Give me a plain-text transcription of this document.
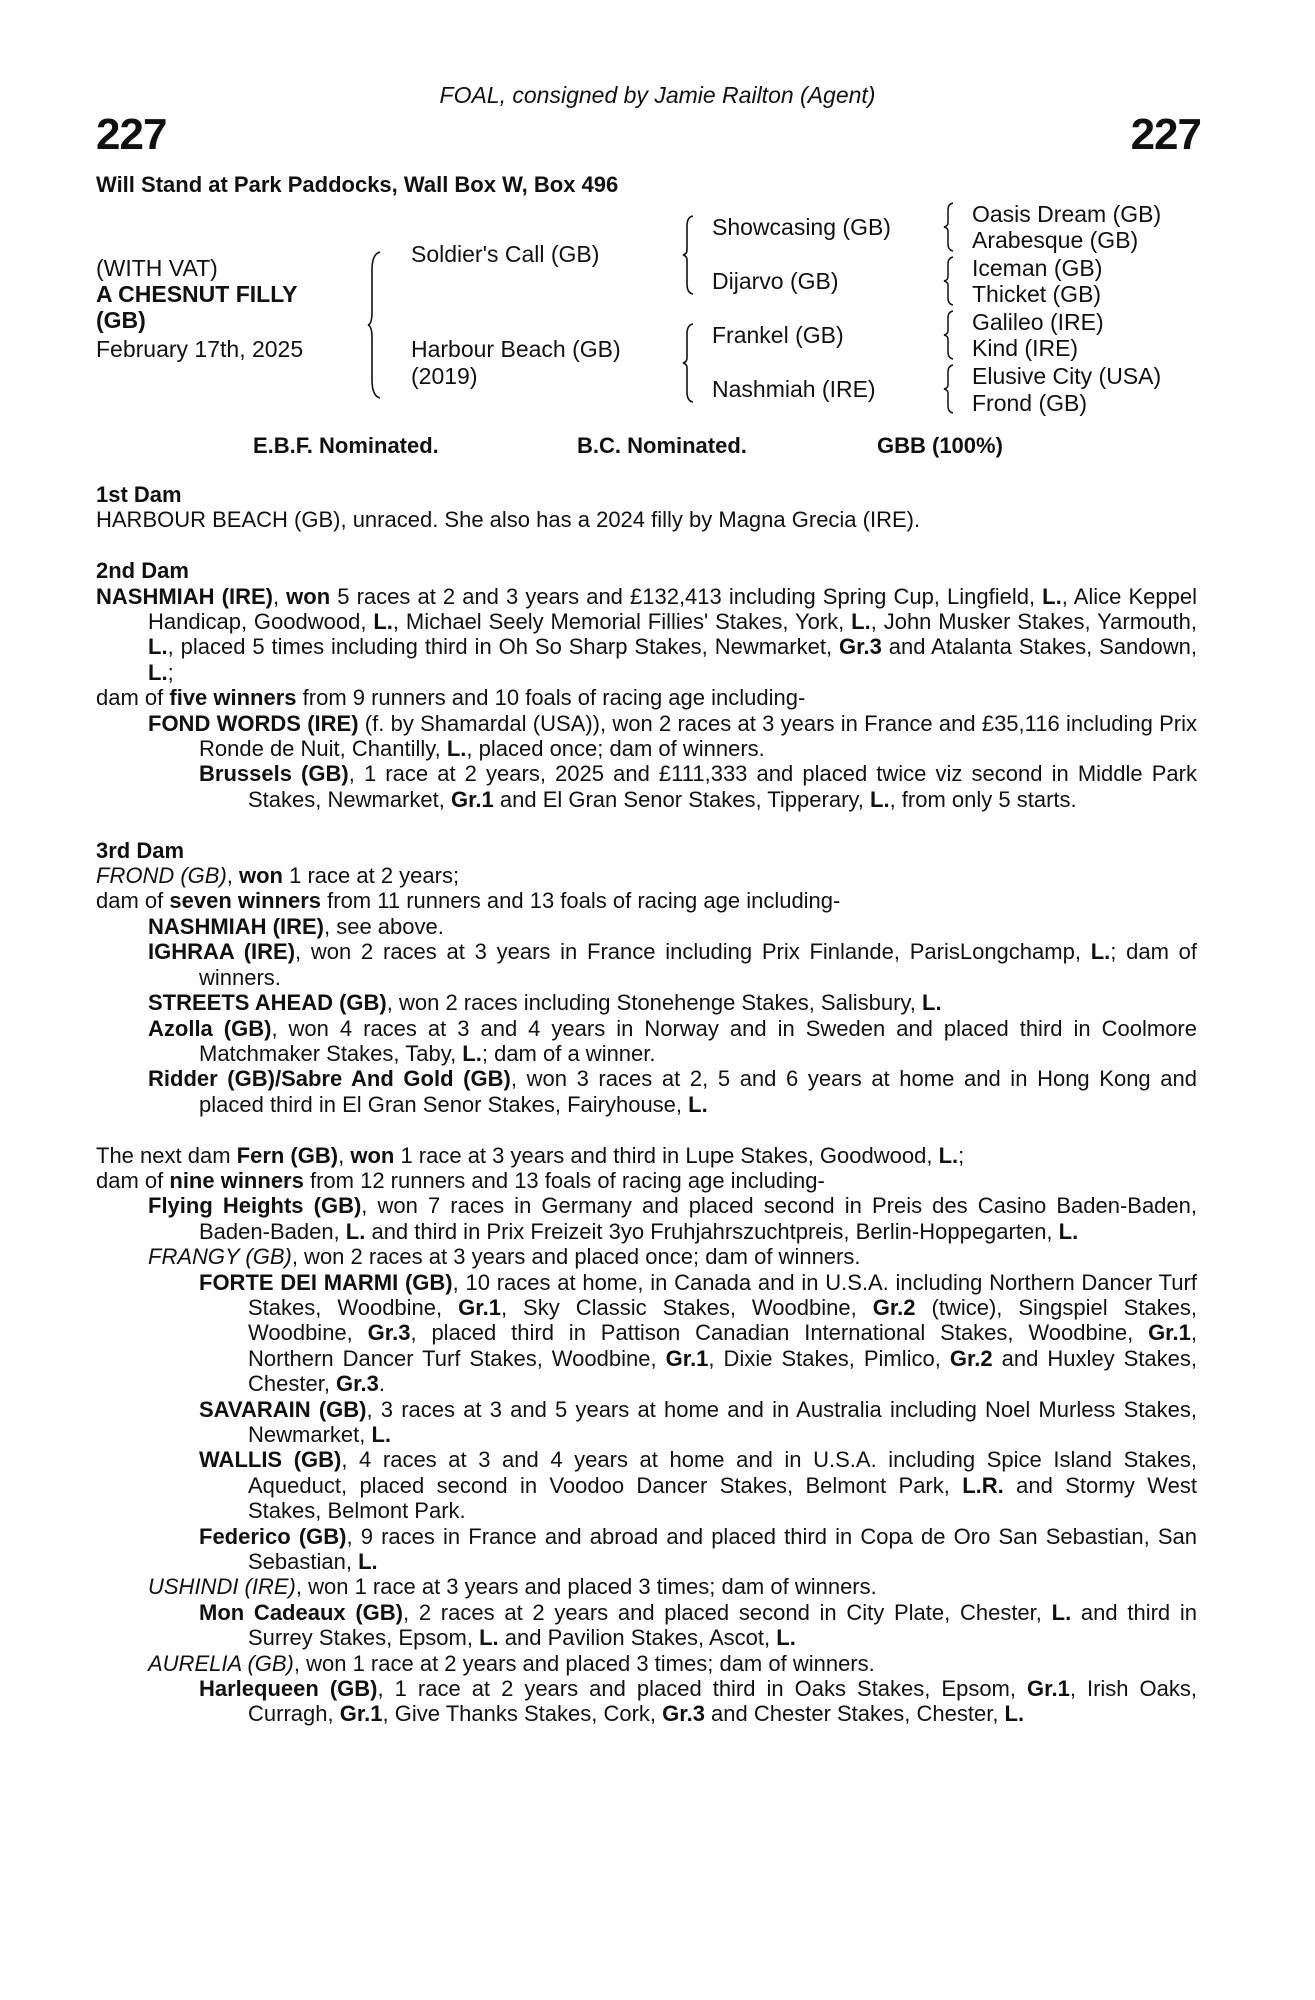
FOAL, consigned by Jamie Railton (Agent)
227	227
Will Stand at Park Paddocks, Wall Box W, Box 496
(WITH VAT)
A CHESNUT FILLY
(GB)
February 17th, 2025
Soldier's Call (GB)
Harbour Beach (GB)
(2019)
Showcasing (GB)
Dijarvo (GB)
Frankel (GB)
Nashmiah (IRE)
Oasis Dream (GB)
Arabesque (GB)
Iceman (GB)
Thicket (GB)
Galileo (IRE)
Kind (IRE)
Elusive City (USA)
Frond (GB)
E.B.F. Nominated.	B.C. Nominated.	GBB (100%)
1st Dam
HARBOUR BEACH (GB), unraced. She also has a 2024 filly by Magna Grecia (IRE).
2nd Dam
NASHMIAH (IRE), won 5 races at 2 and 3 years and £132,413 including Spring Cup, Lingfield, L., Alice Keppel Handicap, Goodwood, L., Michael Seely Memorial Fillies' Stakes, York, L., John Musker Stakes, Yarmouth, L., placed 5 times including third in Oh So Sharp Stakes, Newmarket, Gr.3 and Atalanta Stakes, Sandown, L.;
dam of five winners from 9 runners and 10 foals of racing age including-
FOND WORDS (IRE) (f. by Shamardal (USA)), won 2 races at 3 years in France and £35,116 including Prix Ronde de Nuit, Chantilly, L., placed once; dam of winners.
Brussels (GB), 1 race at 2 years, 2025 and £111,333 and placed twice viz second in Middle Park Stakes, Newmarket, Gr.1 and El Gran Senor Stakes, Tipperary, L., from only 5 starts.
3rd Dam
FROND (GB), won 1 race at 2 years;
dam of seven winners from 11 runners and 13 foals of racing age including-
NASHMIAH (IRE), see above.
IGHRAA (IRE), won 2 races at 3 years in France including Prix Finlande, ParisLongchamp, L.; dam of winners.
STREETS AHEAD (GB), won 2 races including Stonehenge Stakes, Salisbury, L.
Azolla (GB), won 4 races at 3 and 4 years in Norway and in Sweden and placed third in Coolmore Matchmaker Stakes, Taby, L.; dam of a winner.
Ridder (GB)/Sabre And Gold (GB), won 3 races at 2, 5 and 6 years at home and in Hong Kong and placed third in El Gran Senor Stakes, Fairyhouse, L.
The next dam Fern (GB), won 1 race at 3 years and third in Lupe Stakes, Goodwood, L.;
dam of nine winners from 12 runners and 13 foals of racing age including-
Flying Heights (GB), won 7 races in Germany and placed second in Preis des Casino Baden-Baden, Baden-Baden, L. and third in Prix Freizeit 3yo Fruhjahrszuchtpreis, Berlin-Hoppegarten, L.
FRANGY (GB), won 2 races at 3 years and placed once; dam of winners.
FORTE DEI MARMI (GB), 10 races at home, in Canada and in U.S.A. including Northern Dancer Turf Stakes, Woodbine, Gr.1, Sky Classic Stakes, Woodbine, Gr.2 (twice), Singspiel Stakes, Woodbine, Gr.3, placed third in Pattison Canadian International Stakes, Woodbine, Gr.1, Northern Dancer Turf Stakes, Woodbine, Gr.1, Dixie Stakes, Pimlico, Gr.2 and Huxley Stakes, Chester, Gr.3.
SAVARAIN (GB), 3 races at 3 and 5 years at home and in Australia including Noel Murless Stakes, Newmarket, L.
WALLIS (GB), 4 races at 3 and 4 years at home and in U.S.A. including Spice Island Stakes, Aqueduct, placed second in Voodoo Dancer Stakes, Belmont Park, L.R. and Stormy West Stakes, Belmont Park.
Federico (GB), 9 races in France and abroad and placed third in Copa de Oro San Sebastian, San Sebastian, L.
USHINDI (IRE), won 1 race at 3 years and placed 3 times; dam of winners.
Mon Cadeaux (GB), 2 races at 2 years and placed second in City Plate, Chester, L. and third in Surrey Stakes, Epsom, L. and Pavilion Stakes, Ascot, L.
AURELIA (GB), won 1 race at 2 years and placed 3 times; dam of winners.
Harlequeen (GB), 1 race at 2 years and placed third in Oaks Stakes, Epsom, Gr.1, Irish Oaks, Curragh, Gr.1, Give Thanks Stakes, Cork, Gr.3 and Chester Stakes, Chester, L.
